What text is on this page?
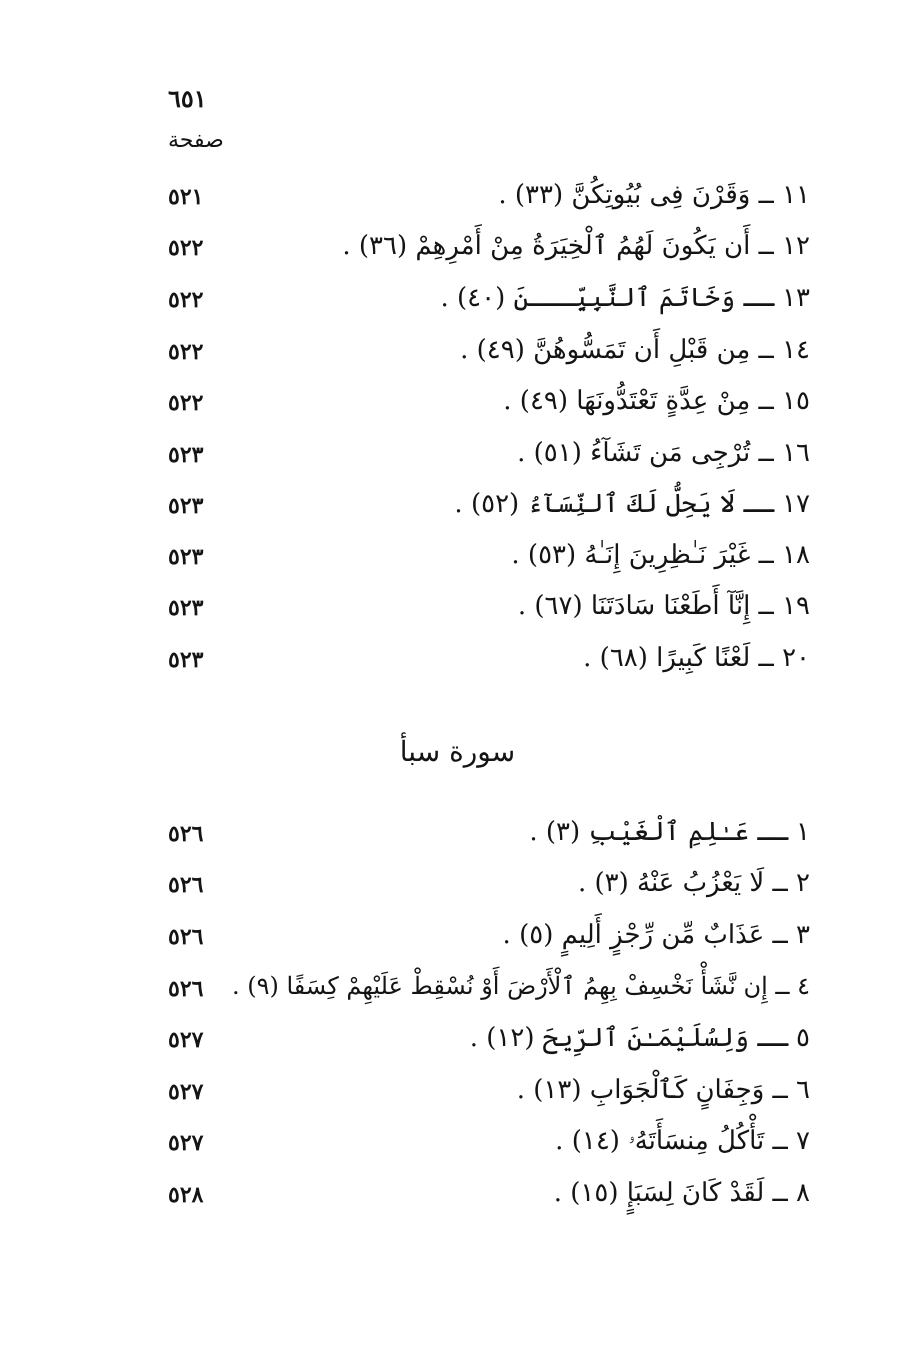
٦٥١
صفحة
٥٢١	١١ ــ وَقَرْنَ فِى بُيُوتِكُنَّ (٣٣) .
٥٢٢	١٢ ــ أَن يَكُونَ لَهُمُ ٱلْخِيَرَةُ مِنْ أَمْرِهِمْ (٣٦) .
٥٢٢	١٣ ــ وَخَاتَمَ ٱلنَّبِيِّـــنَ (٤٠) .
٥٢٢	١٤ ــ مِن قَبْلِ أَن تَمَسُّوهُنَّ (٤٩) .
٥٢٢	١٥ ــ مِنْ عِدَّةٍ تَعْتَدُّونَهَا (٤٩) .
٥٢٣	١٦ ــ تُرْجِى مَن تَشَآءُ (٥١) .
٥٢٣	١٧ ــ لَا يَحِلُّ لَكَ ٱلنِّسَآءُ (٥٢) .
٥٢٣	١٨ ــ غَيْرَ نَـٰظِرِينَ إِنَـٰهُ (٥٣) .
٥٢٣	١٩ ــ إِنَّآ أَطَعْنَا سَادَتَنَا (٦٧) .
٥٢٣	٢٠ ــ لَعْنًا كَبِيرًا (٦٨) .
سورة سبأ
٥٢٦	١ ــ عَـٰلِمِ ٱلْغَيْبِ (٣) .
٥٢٦	٢ ــ لَا يَعْزُبُ عَنْهُ (٣) .
٥٢٦	٣ ــ عَذَابٌ مِّن رِّجْزٍ أَلِيمٍ (٥) .
٥٢٦ ٤ ــ إِن نَّشَأْ نَخْسِفْ بِهِمُ ٱلْأَرْضَ أَوْ نُسْقِطْ عَلَيْهِمْ كِسَفًا (٩) .
٥٢٧	٥ ــ وَلِسُلَيْمَـٰنَ ٱلرِّيحَ (١٢) .
٥٢٧	٦ ــ وَجِفَانٍ كَٱلْجَوَابِ (١٣) .
٥٢٧	٧ ــ تَأْكُلُ مِنسَأَتَهُۥ (١٤) .
٥٢٨	٨ ــ لَقَدْ كَانَ لِسَبَإٍ (١٥) .
